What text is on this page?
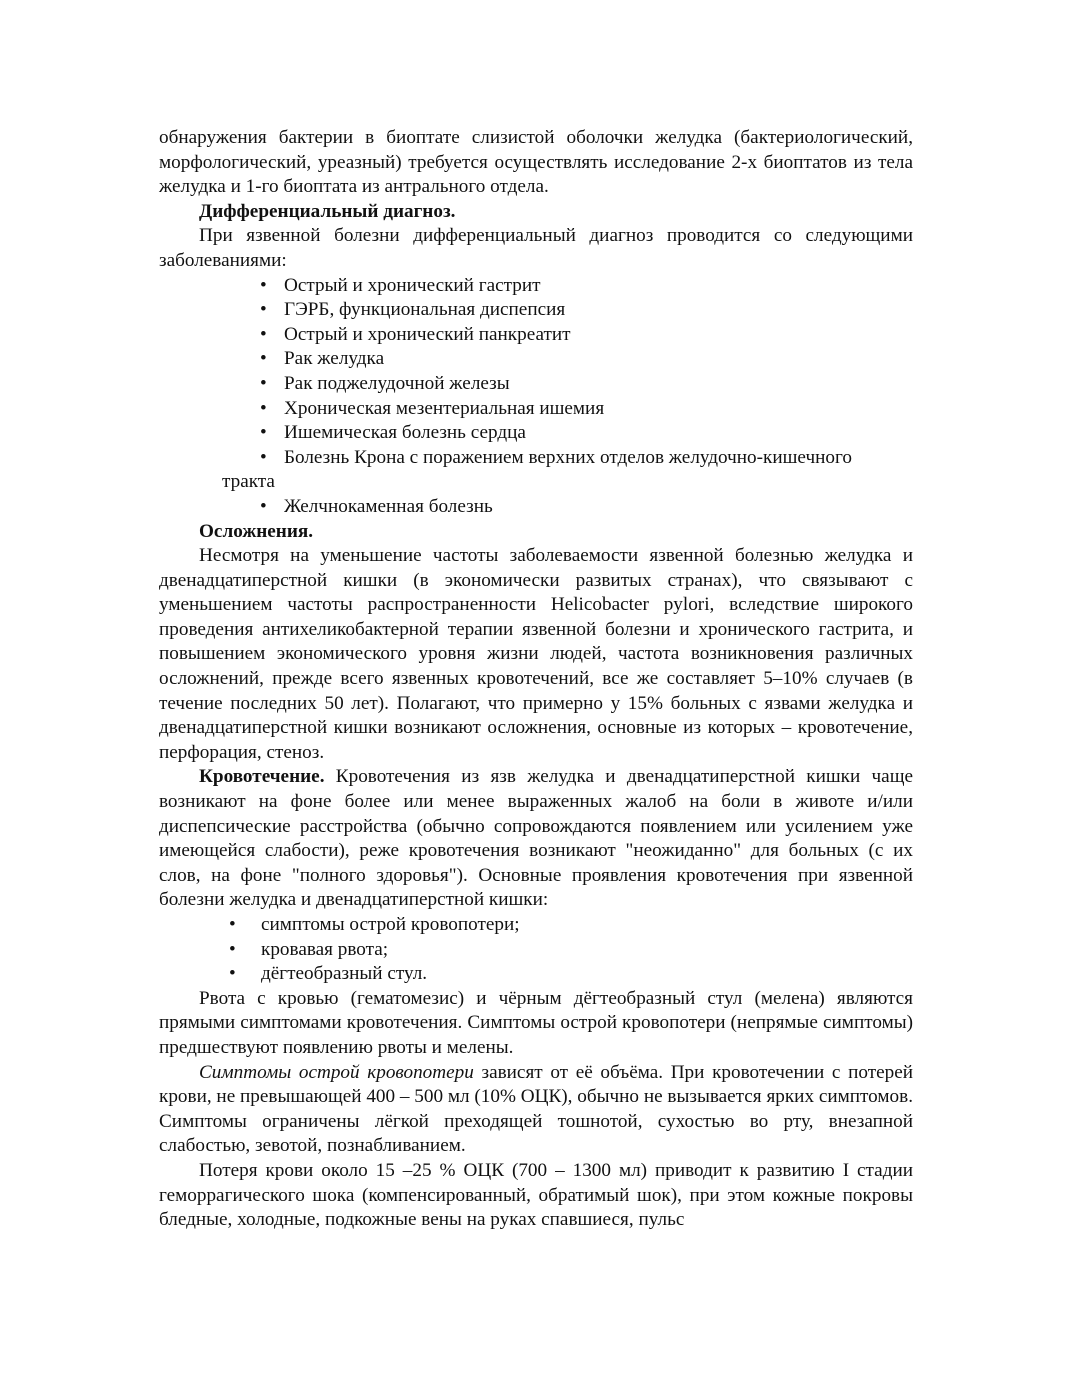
обнаружения бактерии в биоптате слизистой оболочки желудка (бактериологический, морфологический, уреазный) требуется осуществлять исследование 2-х биоптатов из тела желудка и 1-го биоптата из антрального отдела.

Дифференциальный диагноз.

При язвенной болезни дифференциальный диагноз проводится со следующими заболеваниями:

• Острый и хронический гастрит
• ГЭРБ, функциональная диспепсия
• Острый и хронический панкреатит
• Рак желудка
• Рак поджелудочной железы
• Хроническая мезентериальная ишемия
• Ишемическая болезнь сердца
• Болезнь Крона с поражением верхних отделов желудочно-кишечного
тракта
• Желчнокаменная болезнь

Осложнения.

Несмотря на уменьшение частоты заболеваемости язвенной болезнью желудка и двенадцатиперстной кишки (в экономически развитых странах), что связывают с уменьшением частоты распространенности Helicobacter pylori, вследствие широкого проведения антихеликобактерной терапии язвенной болезни и хронического гастрита, и повышением экономического уровня жизни людей, частота возникновения различных осложнений, прежде всего язвенных кровотечений, все же составляет 5–10% случаев (в течение последних 50 лет). Полагают, что примерно у 15% больных с язвами желудка и двенадцатиперстной кишки возникают осложнения, основные из которых – кровотечение, перфорация, стеноз.

Кровотечение. Кровотечения из язв желудка и двенадцатиперстной кишки чаще возникают на фоне более или менее выраженных жалоб на боли в животе и/или диспепсические расстройства (обычно сопровождаются появлением или усилением уже имеющейся слабости), реже кровотечения возникают "неожиданно" для больных (с их слов, на фоне "полного здоровья"). Основные проявления кровотечения при язвенной болезни желудка и двенадцатиперстной кишки:

• симптомы острой кровопотери;
• кровавая рвота;
• дёгтеобразный стул.

Рвота с кровью (гематомезис) и чёрным дёгтеобразный стул (мелена) являются прямыми симптомами кровотечения. Симптомы острой кровопотери (непрямые симптомы) предшествуют появлению рвоты и мелены.

Симптомы острой кровопотери зависят от её объёма. При кровотечении с потерей крови, не превышающей 400 – 500 мл (10% ОЦК), обычно не вызывается ярких симптомов. Симптомы ограничены лёгкой преходящей тошнотой, сухостью во рту, внезапной слабостью, зевотой, познабливанием.

Потеря крови около 15 –25 % ОЦК (700 – 1300 мл) приводит к развитию I стадии геморрагического шока (компенсированный, обратимый шок), при этом кожные покровы бледные, холодные, подкожные вены на руках спавшиеся, пульс
